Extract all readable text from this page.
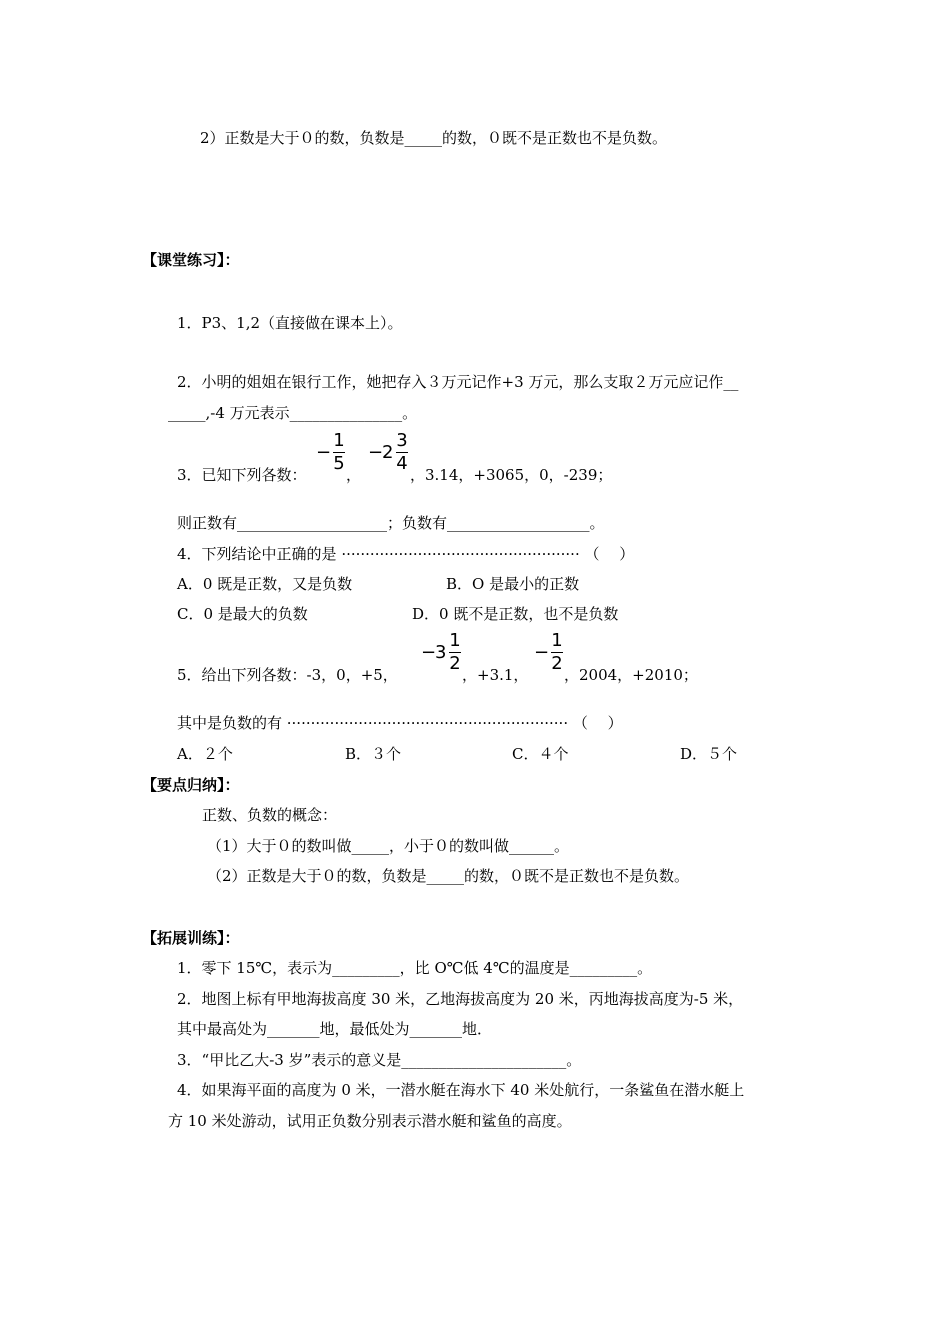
2）正数是大于０的数，负数是_____的数，０既不是正数也不是负数。
【课堂练习】：
1．P3、1,2（直接做在课本上）。
2．小明的姐姐在银行工作，她把存入３万元记作+3 万元，那么支取２万元应记作__
_____,-4 万元表示_______________。
3．已知下列各数：
−
1
5
，
−
2
3
4
，3.14，+3065，0，-239；
则正数有____________________；负数有___________________。
4．下列结论中正确的是 ·················································· （　 ）
A．0 既是正数，又是负数	B．O 是最小的正数
C．0 是最大的负数	D．0 既不是正数，也不是负数
5．给出下列各数：-3，0，+5，
−
3
1
2
，+3.1，
−
1
2
，2004，+2010；
其中是负数的有 ··························································· （　 ）
A．２个	B．３个	C．４个	D．５个
【要点归纳】：
正数、负数的概念：
（1）大于０的数叫做_____，小于０的数叫做______。
（2）正数是大于０的数，负数是_____的数，０既不是正数也不是负数。
【拓展训练】：
1．零下 15℃，表示为_________，比 O℃低 4℃的温度是_________。
2．地图上标有甲地海拔高度 30 米，乙地海拔高度为 20 米，丙地海拔高度为-5 米，
其中最高处为_______地，最低处为_______地．
3．“甲比乙大-3 岁”表示的意义是______________________。
4．如果海平面的高度为 0 米，一潜水艇在海水下 40 米处航行，一条鲨鱼在潜水艇上
方 10 米处游动，试用正负数分别表示潜水艇和鲨鱼的高度。
